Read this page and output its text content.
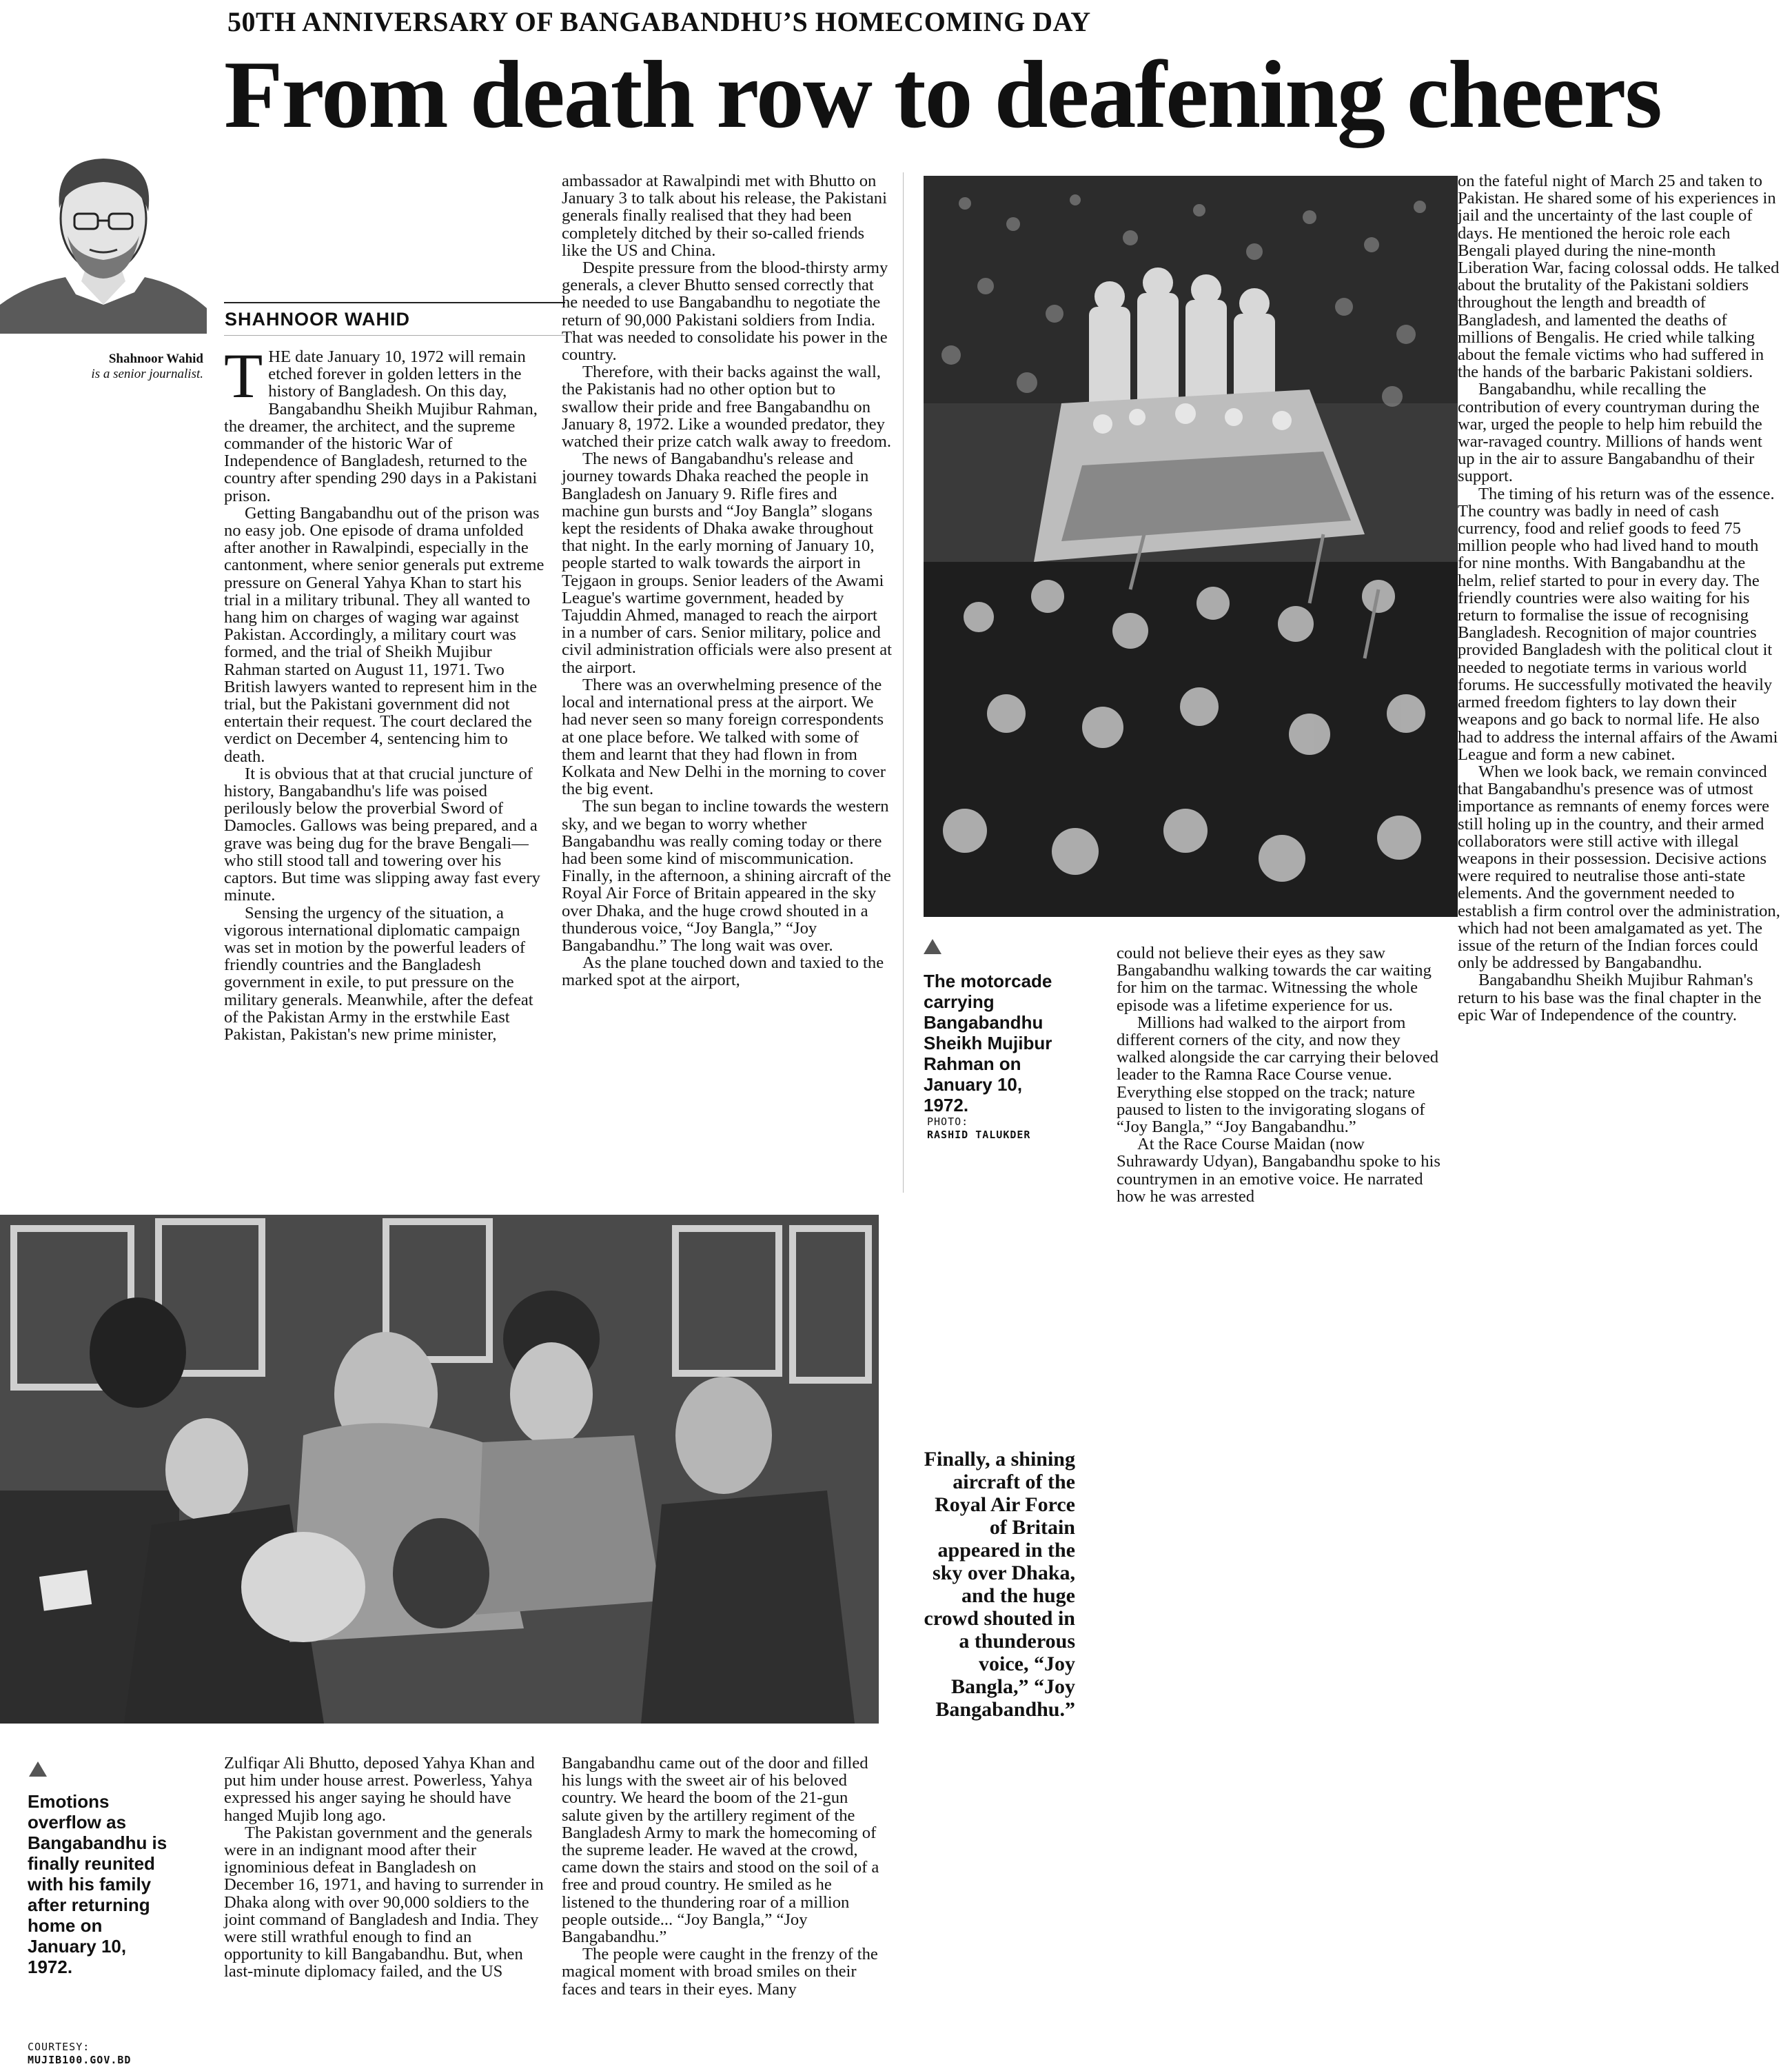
50TH ANNIVERSARY OF BANGABANDHU’S HOMECOMING DAY
From death row to deafening cheers
SHAHNOOR WAHID
Shahnoor Wahid
is a senior journalist. THE date January 10, 1972 will remain etched forever in golden letters in the history of Bangladesh. On this day, Bangabandhu Sheikh Mujibur Rahman, the dreamer, the architect, and the supreme commander of the historic War of Independence of Bangladesh, returned to the country after spending 290 days in a Pakistani prison.

Getting Bangabandhu out of the prison was no easy job. One episode of drama unfolded after another in Rawalpindi, especially in the cantonment, where senior generals put extreme pressure on General Yahya Khan to start his trial in a military tribunal. They all wanted to hang him on charges of waging war against Pakistan. Accordingly, a military court was formed, and the trial of Sheikh Mujibur Rahman started on August 11, 1971. Two British lawyers wanted to represent him in the trial, but the Pakistani government did not entertain their request. The court declared the verdict on December 4, sentencing him to death.

It is obvious that at that crucial juncture of history, Bangabandhu's life was poised perilously below the proverbial Sword of Damocles. Gallows was being prepared, and a grave was being dug for the brave Bengali—who still stood tall and towering over his captors. But time was slipping away fast every minute.

Sensing the urgency of the situation, a vigorous international diplomatic campaign was set in motion by the powerful leaders of friendly countries and the Bangladesh government in exile, to put pressure on the military generals. Meanwhile, after the defeat of the Pakistan Army in the erstwhile East Pakistan, Pakistan's new prime minister,

ambassador at Rawalpindi met with Bhutto on January 3 to talk about his release, the Pakistani generals finally realised that they had been completely ditched by their so-called friends like the US and China.

Despite pressure from the blood-thirsty army generals, a clever Bhutto sensed correctly that he needed to use Bangabandhu to negotiate the return of 90,000 Pakistani soldiers from India. That was needed to consolidate his power in the country.

Therefore, with their backs against the wall, the Pakistanis had no other option but to swallow their pride and free Bangabandhu on January 8, 1972. Like a wounded predator, they watched their prize catch walk away to freedom.

The news of Bangabandhu's release and journey towards Dhaka reached the people in Bangladesh on January 9. Rifle fires and machine gun bursts and “Joy Bangla” slogans kept the residents of Dhaka awake throughout that night. In the early morning of January 10, people started to walk towards the airport in Tejgaon in groups. Senior leaders of the Awami League's wartime government, headed by Tajuddin Ahmed, managed to reach the airport in a number of cars. Senior military, police and civil administration officials were also present at the airport.

There was an overwhelming presence of the local and international press at the airport. We had never seen so many foreign correspondents at one place before. We talked with some of them and learnt that they had flown in from Kolkata and New Delhi in the morning to cover the big event.

The sun began to incline towards the western sky, and we began to worry whether Bangabandhu was really coming today or there had been some kind of miscommunication. Finally, in the afternoon, a shining aircraft of the Royal Air Force of Britain appeared in the sky over Dhaka, and the huge crowd shouted in a thunderous voice, “Joy Bangla,” “Joy Bangabandhu.” The long wait was over.

As the plane touched down and taxied to the marked spot at the airport,	The motorcade carrying Bangabandhu Sheikh Mujibur Rahman on January 10, 1972.
PHOTO:
RASHID TALUKDER

could not believe their eyes as they saw Bangabandhu walking towards the car waiting for him on the tarmac. Witnessing the whole episode was a lifetime experience for us.

Millions had walked to the airport from different corners of the city, and now they walked alongside the car carrying their beloved leader to the Ramna Race Course venue. Everything else stopped on the track; nature paused to listen to the invigorating slogans of “Joy Bangla,” “Joy Bangabandhu.”

At the Race Course Maidan (now Suhrawardy Udyan), Bangabandhu spoke to his countrymen in an emotive voice. He narrated how he was arrested

on the fateful night of March 25 and taken to Pakistan. He shared some of his experiences in jail and the uncertainty of the last couple of days. He mentioned the heroic role each Bengali played during the nine-month Liberation War, facing colossal odds. He talked about the brutality of the Pakistani soldiers throughout the length and breadth of Bangladesh, and lamented the deaths of millions of Bengalis. He cried while talking about the female victims who had suffered in the hands of the barbaric Pakistani soldiers.

Bangabandhu, while recalling the contribution of every countryman during the war, urged the people to help him rebuild the war-ravaged country. Millions of hands went up in the air to assure Bangabandhu of their support.

The timing of his return was of the essence. The country was badly in need of cash currency, food and relief goods to feed 75 million people who had lived hand to mouth for nine months. With Bangabandhu at the helm, relief started to pour in every day. The friendly countries were also waiting for his return to formalise the issue of recognising Bangladesh. Recognition of major countries provided Bangladesh with the political clout it needed to negotiate terms in various world forums. He successfully motivated the heavily armed freedom fighters to lay down their weapons and go back to normal life. He also had to address the internal affairs of the Awami League and form a new cabinet.

When we look back, we remain convinced that Bangabandhu's presence was of utmost importance as remnants of enemy forces were still holing up in the country, and their armed collaborators were still active with illegal weapons in their possession. Decisive actions were required to neutralise those anti-state elements. And the government needed to establish a firm control over the administration, which had not been amalgamated as yet. The issue of the return of the Indian forces could only be addressed by Bangabandhu.

Bangabandhu Sheikh Mujibur Rahman's return to his base was the final chapter in the epic War of Independence of the country.

Emotions overflow as Bangabandhu is finally reunited with his family after returning home on January 10, 1972.
COURTESY:
MUJIB100.GOV.BD

Zulfiqar Ali Bhutto, deposed Yahya Khan and put him under house arrest. Powerless, Yahya expressed his anger saying he should have hanged Mujib long ago.

The Pakistan government and the generals were in an indignant mood after their ignominious defeat in Bangladesh on December 16, 1971, and having to surrender in Dhaka along with over 90,000 soldiers to the joint command of Bangladesh and India. They were still wrathful enough to find an opportunity to kill Bangabandhu. But, when last-minute diplomacy failed, and the US

Bangabandhu came out of the door and filled his lungs with the sweet air of his beloved country. We heard the boom of the 21-gun salute given by the artillery regiment of the Bangladesh Army to mark the homecoming of the supreme leader. He waved at the crowd, came down the stairs and stood on the soil of a free and proud country. He smiled as he listened to the thundering roar of a million people outside... “Joy Bangla,” “Joy Bangabandhu.”

The people were caught in the frenzy of the magical moment with broad smiles on their faces and tears in their eyes. Many

Finally, a shining aircraft of the Royal Air Force of Britain appeared in the sky over Dhaka, and the huge crowd shouted in a thunderous voice, “Joy Bangla,” “Joy Bangabandhu.”
